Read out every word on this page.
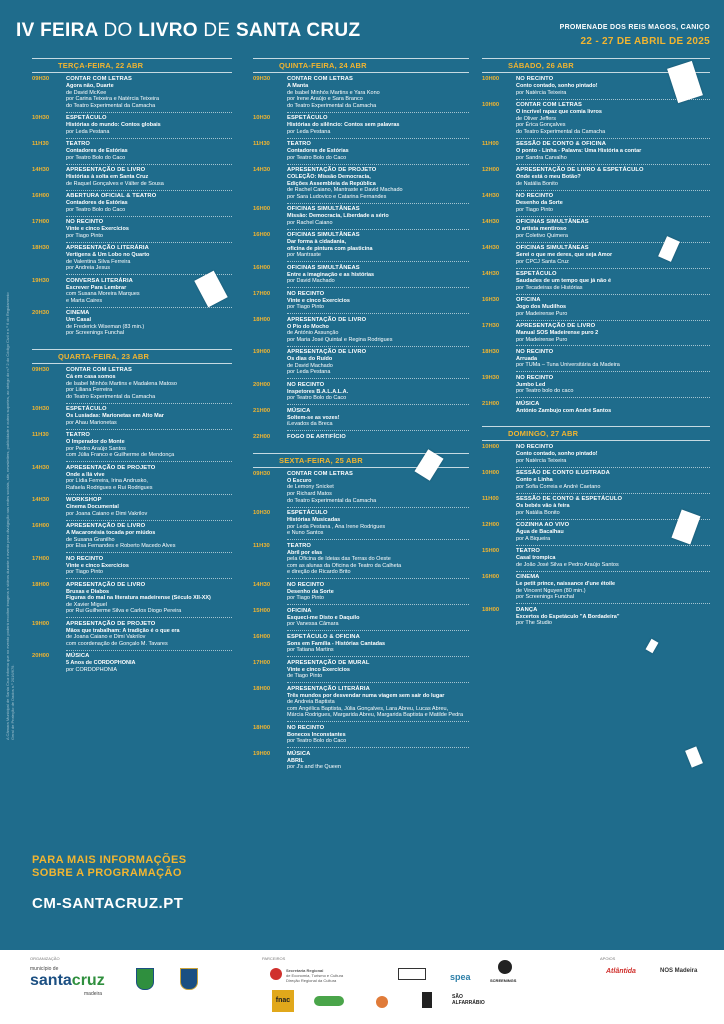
IV FEIRA DO LIVRO DE SANTA CRUZ	PROMENADE DOS REIS MAGOS, CANIÇO
22 - 27 DE ABRIL DE 2025
TERÇA-FEIRA, 22 ABR
09H30	CONTAR COM LETRAS
Agora não, Duarte
de David McKee
por Carina Teixeira e Natércia Teixeira
do Teatro Experimental da Camacha
10H30	ESPETÁCULO
Histórias do mundo: Contos globais
por Leda Pestana
11H30	TEATRO
Contadores de Estórias
por Teatro Bolo do Caco
14H30	APRESENTAÇÃO DE LIVRO
Histórias à solta em Santa Cruz
de Raquel Gonçalves e Válter de Sousa
16H00	ABERTURA OFICIAL & TEATRO
Contadores de Estórias
por Teatro Bolo do Caco
17H00	NO RECINTO
Vinte e cinco Exercícios
por Tiago Pinto
18H30	APRESENTAÇÃO LITERÁRIA
Vertigens & Um Lobo no Quarto
de Valentina Silva Ferreira
por Andreia Jesus
19H30	CONVERSA LITERÁRIA
Escrever Para Lembrar
com Susana Moreira Marques
e Marta Caires
20H30	CINEMA
Um Casal
de Frederick Wiseman (83 min.)
por Screenings Funchal
QUARTA-FEIRA, 23 ABR
09H30	CONTAR COM LETRAS
Cá em casa somos
de Isabel Minhós Martins e Madalena Matoso
por Liliana Ferreira
do Teatro Experimental da Camacha
10H30	ESPETÁCULO
Os Lusíadas: Marionetas em Alto Mar
por Ahau Marionetas
11H30	TEATRO
O Imperador do Monte
por Pedro Araújo Santos
com Júlia Franco e Guilherme de Mendonça
14H30	APRESENTAÇÃO DE PROJETO
Onde a Ilá vive
por Lídia Ferreira, Irina Andrusko,
Rafaela Rodrigues e Rui Rodrigues
14H30	WORKSHOP
Cinema Documental
por Joana Caiano e Dimi Vakrilov
16H00	APRESENTAÇÃO DE LIVRO
A Macaronésia tocada por miúdos
de Susana Granilho
por Elsa Fernandes e Roberto Macedo Alves
17H00	NO RECINTO
Vinte e cinco Exercícios
por Tiago Pinto
18H00	APRESENTAÇÃO DE LIVRO
Bruxas e Diabos
Figuras do mal na literatura madeirense (Século XII-XX)
de Xavier Miguel
por Rui Guilherme Silva e Carlos Diogo Pereira
19H00	APRESENTAÇÃO DE PROJETO
Mãos que trabalham: A tradição é o que era
de Joana Caiano e Dimi Vakrilov
com coordenação de Gonçalo M. Tavares
20H00	MÚSICA
5 Anos de CORDOPHONIA
por CORDOPHONIA
QUINTA-FEIRA, 24 ABR
09H30	CONTAR COM LETRAS
A Manta
de Isabel Minhós Martins e Yara Kono
por Irene Araújo e Sara Branco
do Teatro Experimental da Camacha
10H30	ESPETÁCULO
Histórias do silêncio: Contos sem palavras
por Leda Pestana
11H30	TEATRO
Contadores de Estórias
por Teatro Bolo do Caco
14H30	APRESENTAÇÃO DE PROJETO
COLEÇÃO: Missão Democracia,
Edições Assembleia da República
de Rachel Caiano, Mantraste e David Machado
por Sara Ludovico e Catarina Fernandes
16H00	OFICINAS SIMULTÂNEAS
Missão: Democracia, Liberdade a sério
por Rachel Caiano
16H00	OFICINAS SIMULTÂNEAS
Dar forma à cidadania,
oficina de pintura com plasticina
por Mantraste
16H00	OFICINAS SIMULTÂNEAS
Entre a imaginação e as histórias
por David Machado
17H00	NO RECINTO
Vinte e cinco Exercícios
por Tiago Pinto
18H00	APRESENTAÇÃO DE LIVRO
O Pio do Mocho
de António Assunção
por Maria José Quintal e Regina Rodrigues
19H00	APRESENTAÇÃO DE LIVRO
Os dias do Ruído
de David Machado
por Leda Pestana
20H00	NO RECINTO
Inspetores B.A.L.A.L.A.
por Teatro Bolo do Caco
21H00	MÚSICA
Soltem-se as vozes!
iLevados da Breca
22H00	FOGO DE ARTIFÍCIO
SEXTA-FEIRA, 25 ABR
09H30	CONTAR COM LETRAS
O Escuro
de Lemony Snicket
por Richard Matos
do Teatro Experimental da Camacha
10H30	ESPETÁCULO
Histórias Musicadas
por Leda Pestana , Ana Irene Rodrigues
e Nuno Santos
11H30	TEATRO
Abril por elas
pela Oficina de Ideias das Terras do Oeste
com as alunas da Oficina de Teatro da Calheta
e direção de Ricardo Brito
14H30	NO RECINTO
Desenho da Sorte
por Tiago Pinto
15H00	OFICINA
Esqueci-me Disto e Daquilo
por Vanessa Câmara
16H00	ESPETÁCULO & OFICINA
Sons em Família - Histórias Cantadas
por Tatiana Martins
17H00	APRESENTAÇÃO DE MURAL
Vinte e cinco Exercícios
de Tiago Pinto
18H00	APRESENTAÇÃO LITERÁRIA
Três mundos por desvendar numa viagem sem sair do lugar
de Andreia Baptista
com Angélica Baptista, Júlia Gonçalves, Lara Abreu, Lucas Abreu,
Márcia Rodrigues, Margarida Abreu, Margarida Baptista e Matilde Pedra
18H00	NO RECINTO
Bonecos Inconstantes
por Teatro Bolo do Caco
19H00	MÚSICA
ABRIL
por J's and the Queen
SÁBADO, 26 ABR
10H00	NO RECINTO
Conto contado, sonho pintado!
por Natércia Teixeira
10H00	CONTAR COM LETRAS
O incrível rapaz que comia livros
de Oliver Jeffers
por Érica Gonçalves
do Teatro Experimental da Camacha
11H00	SESSÃO DE CONTO & OFICINA
O ponto - Linha - Palavra: Uma História a contar
por Sandra Carvalho
12H00	APRESENTAÇÃO DE LIVRO & ESPETÁCULO
Onde está o meu Botão?
de Natália Bonito
14H30	NO RECINTO
Desenho da Sorte
por Tiago Pinto
14H30	OFICINAS SIMULTÂNEAS
O artista mentiroso
por Coletivo Quimera
14H30	OFICINAS SIMULTÂNEAS
Serei o que me deres, que seja Amor
por CPCJ Santa Cruz
14H30	ESPETÁCULO
Saudades de um tempo que já não é
por Tecadeiras de Histórias
16H30	OFICINA
Jogo dos Mudilhos
por Madeirense Puro
17H30	APRESENTAÇÃO DE LIVRO
Manual SOS Madeirense puro 2
por Madeirense Puro
18H30	NO RECINTO
Arruada
por TUMa – Tuna Universitária da Madeira
19H30	NO RECINTO
Jumbo Led
por Teatro bolo do caco
21H00	MÚSICA
António Zambujo com André Santos
DOMINGO, 27 ABR
10H00	NO RECINTO
Conto contado, sonho pintado!
por Natércia Teixeira
10H00	SESSÃO DE CONTO ILUSTRADA
Conto e Linha
por Sofia Correia e André Caetano
11H00	SESSÃO DE CONTO & ESPETÁCULO
Os bebés vão à feira
por Natália Bonito
12H00	COZINHA AO VIVO
Água de Bacalhau
por A Biqueira
15H00	TEATRO
Casal trompica
de João José Silva e Pedro Araújo Santos
16H00	CINEMA
Le petit prince, naissance d'une étoile
de Vincent Nguyen (80 min.)
por Screenings Funchal
18H00	DANÇA
Excertos do Espetáculo "A Bordadeira"
por The Studio
A Câmara Municipal de Santa Cruz informa que no evento poderá recolher imagens e vídeos durante o evento para divulgação nas redes sociais, site, newsletters, publicidade e outros suportes, ao abrigo do n.º 2 do Código Civil e n.º 6 do Regulamento Geral de Proteção de Dados n.º 2016/679.
PARA MAIS INFORMAÇÕES
SOBRE A PROGRAMAÇÃO
CM-SANTACRUZ.PT
ORGANIZAÇÃO	PARCEIROS	APOIOS
município de
santacruz
madeira
Secretaria Regional
de Economia, Turismo e Cultura
Direção Regional da Cultura	spea	SCREENINGS
fnac	SÃO
ALFARRÁBIO
Atlântida	NOS Madeira
